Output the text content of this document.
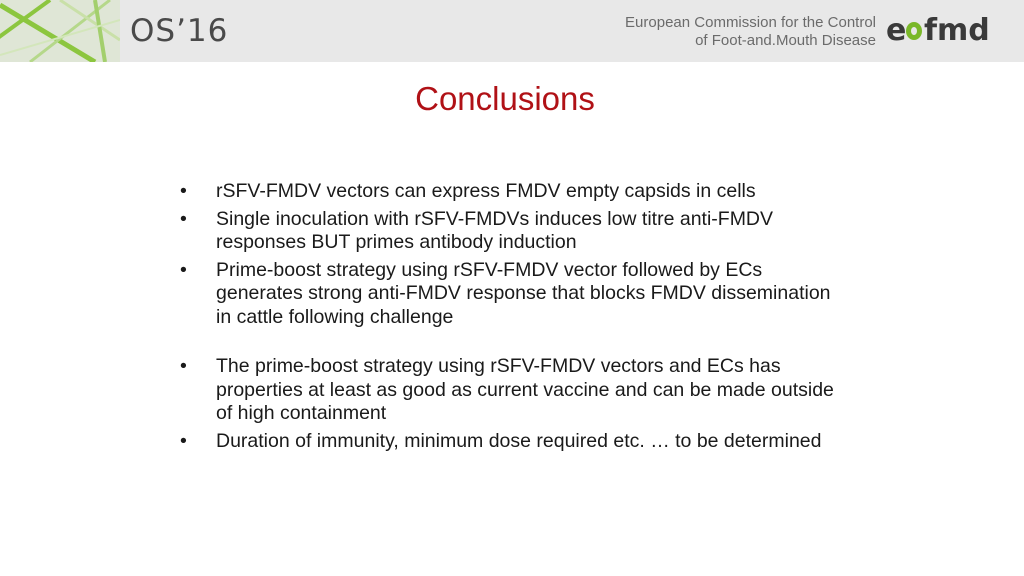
OS’16	European Commission for the Control
of Foot-and.Mouth Disease e fmd
Conclusions
•	rSFV-FMDV vectors can express FMDV empty capsids in cells
•	Single inoculation with rSFV-FMDVs induces low titre anti-FMDV responses BUT primes antibody induction
•	Prime-boost strategy using rSFV-FMDV vector followed by ECs generates strong anti-FMDV response that blocks FMDV dissemination in cattle following challenge
•	The prime-boost strategy using rSFV-FMDV vectors and ECs has properties at least as good as current vaccine and can be made outside of high containment
•	Duration of immunity, minimum dose required etc. … to be determined
